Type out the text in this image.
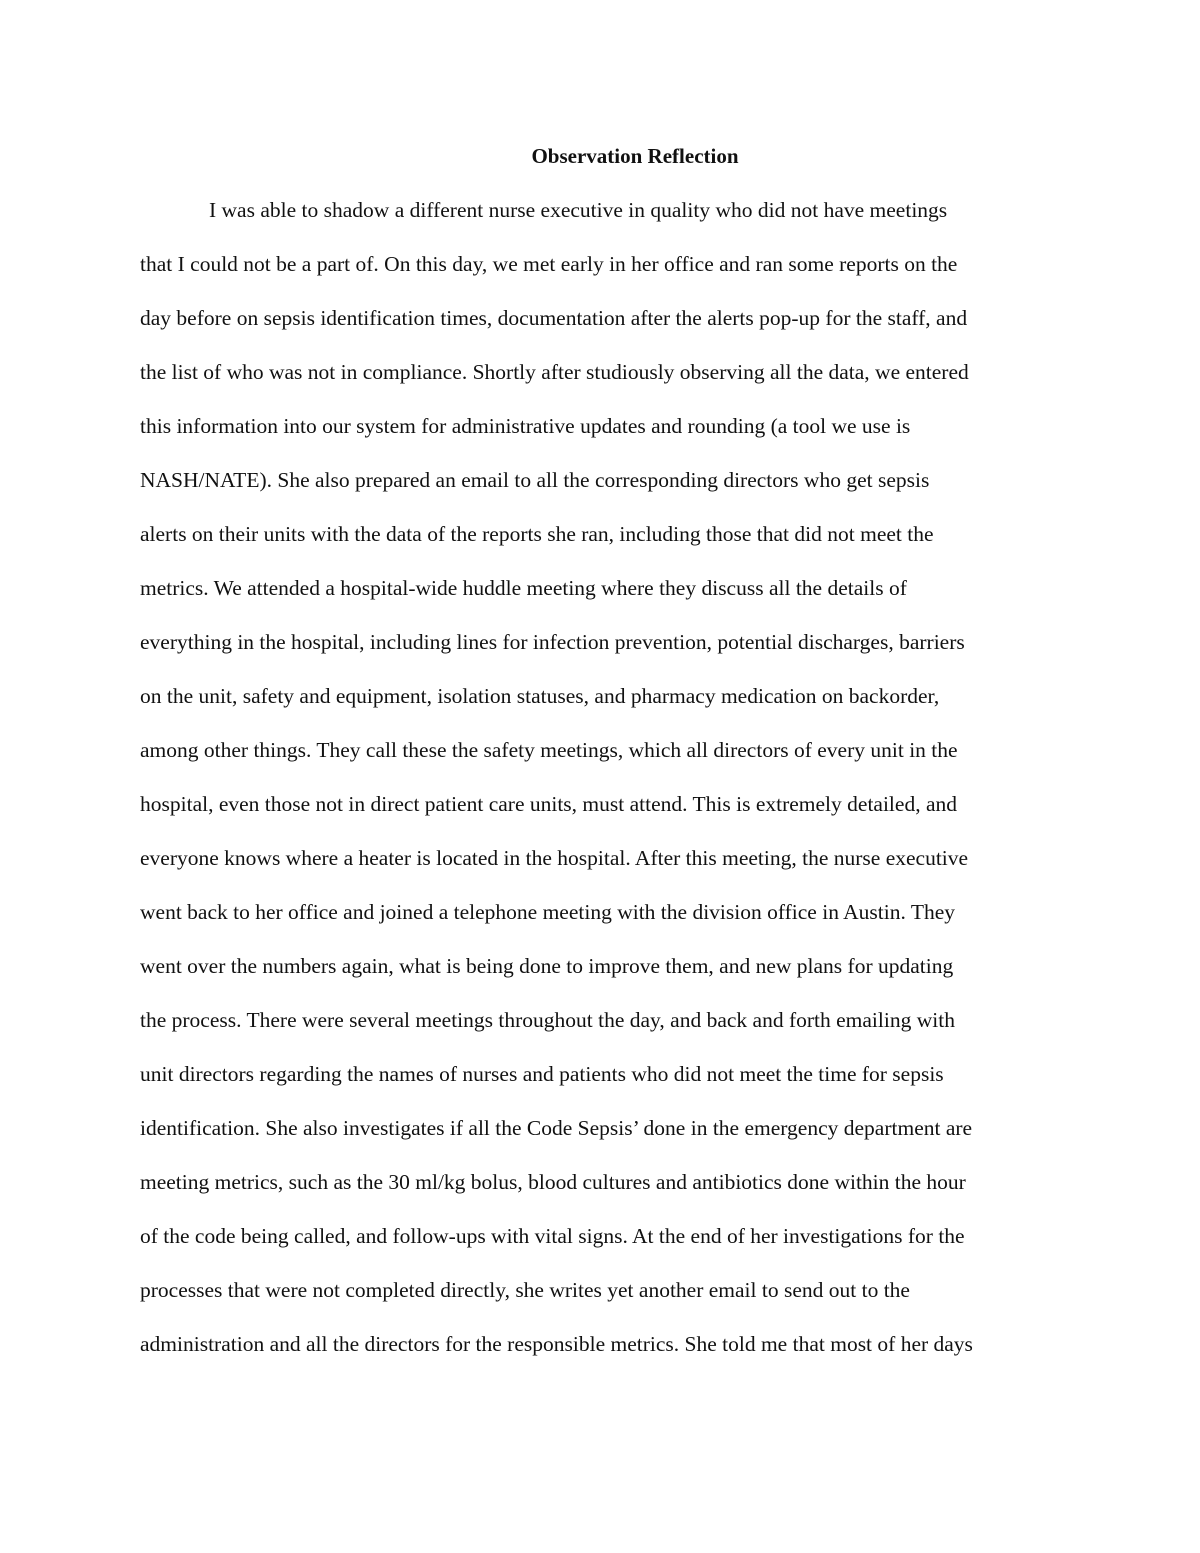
Observation Reflection

I was able to shadow a different nurse executive in quality who did not have meetings

that I could not be a part of. On this day, we met early in her office and ran some reports on the

day before on sepsis identification times, documentation after the alerts pop-up for the staff, and

the list of who was not in compliance. Shortly after studiously observing all the data, we entered

this information into our system for administrative updates and rounding (a tool we use is

NASH/NATE). She also prepared an email to all the corresponding directors who get sepsis

alerts on their units with the data of the reports she ran, including those that did not meet the

metrics. We attended a hospital-wide huddle meeting where they discuss all the details of

everything in the hospital, including lines for infection prevention, potential discharges, barriers

on the unit, safety and equipment, isolation statuses, and pharmacy medication on backorder,

among other things. They call these the safety meetings, which all directors of every unit in the

hospital, even those not in direct patient care units, must attend. This is extremely detailed, and

everyone knows where a heater is located in the hospital. After this meeting, the nurse executive

went back to her office and joined a telephone meeting with the division office in Austin. They

went over the numbers again, what is being done to improve them, and new plans for updating

the process. There were several meetings throughout the day, and back and forth emailing with

unit directors regarding the names of nurses and patients who did not meet the time for sepsis

identification. She also investigates if all the Code Sepsis’ done in the emergency department are

meeting metrics, such as the 30 ml/kg bolus, blood cultures and antibiotics done within the hour

of the code being called, and follow-ups with vital signs. At the end of her investigations for the

processes that were not completed directly, she writes yet another email to send out to the

administration and all the directors for the responsible metrics. She told me that most of her days
